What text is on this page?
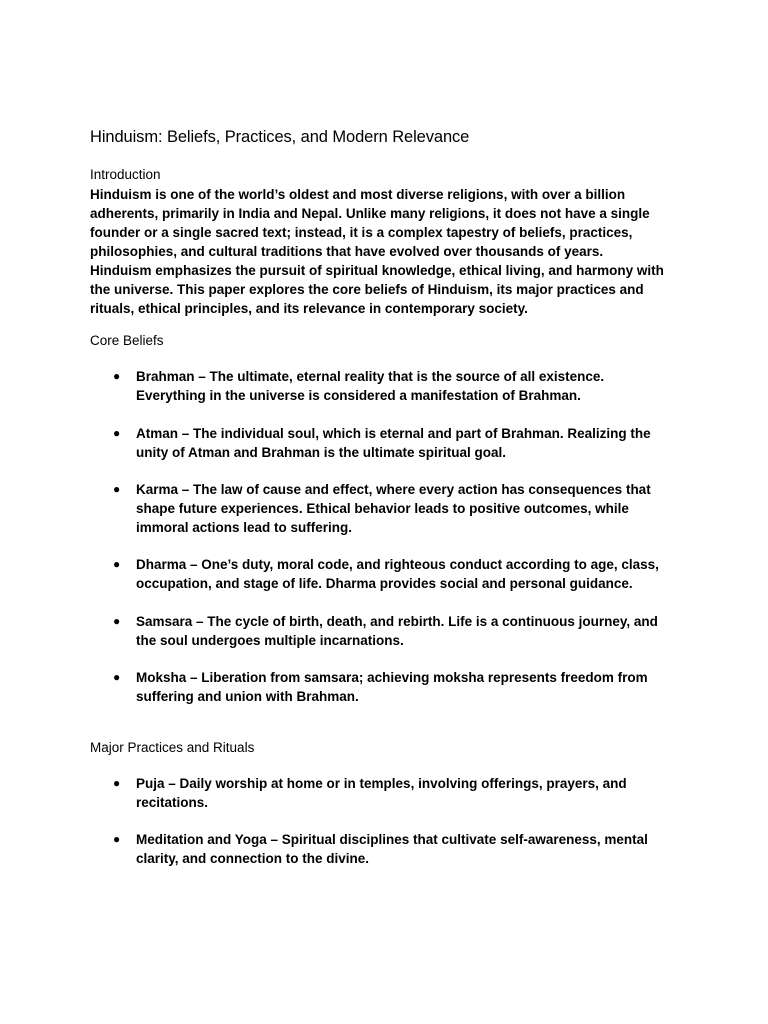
Hinduism: Beliefs, Practices, and Modern Relevance
Introduction
Hinduism is one of the world’s oldest and most diverse religions, with over a billion
adherents, primarily in India and Nepal. Unlike many religions, it does not have a single
founder or a single sacred text; instead, it is a complex tapestry of beliefs, practices,
philosophies, and cultural traditions that have evolved over thousands of years.
Hinduism emphasizes the pursuit of spiritual knowledge, ethical living, and harmony with
the universe. This paper explores the core beliefs of Hinduism, its major practices and
rituals, ethical principles, and its relevance in contemporary society.
Core Beliefs
● Brahman – The ultimate, eternal reality that is the source of all existence.
Everything in the universe is considered a manifestation of Brahman.
● Atman – The individual soul, which is eternal and part of Brahman. Realizing the
unity of Atman and Brahman is the ultimate spiritual goal.
● Karma – The law of cause and effect, where every action has consequences that
shape future experiences. Ethical behavior leads to positive outcomes, while
immoral actions lead to suffering.
● Dharma – One’s duty, moral code, and righteous conduct according to age, class,
occupation, and stage of life. Dharma provides social and personal guidance.
● Samsara – The cycle of birth, death, and rebirth. Life is a continuous journey, and
the soul undergoes multiple incarnations.
● Moksha – Liberation from samsara; achieving moksha represents freedom from
suffering and union with Brahman.
Major Practices and Rituals
● Puja – Daily worship at home or in temples, involving offerings, prayers, and
recitations.
● Meditation and Yoga – Spiritual disciplines that cultivate self-awareness, mental
clarity, and connection to the divine.
